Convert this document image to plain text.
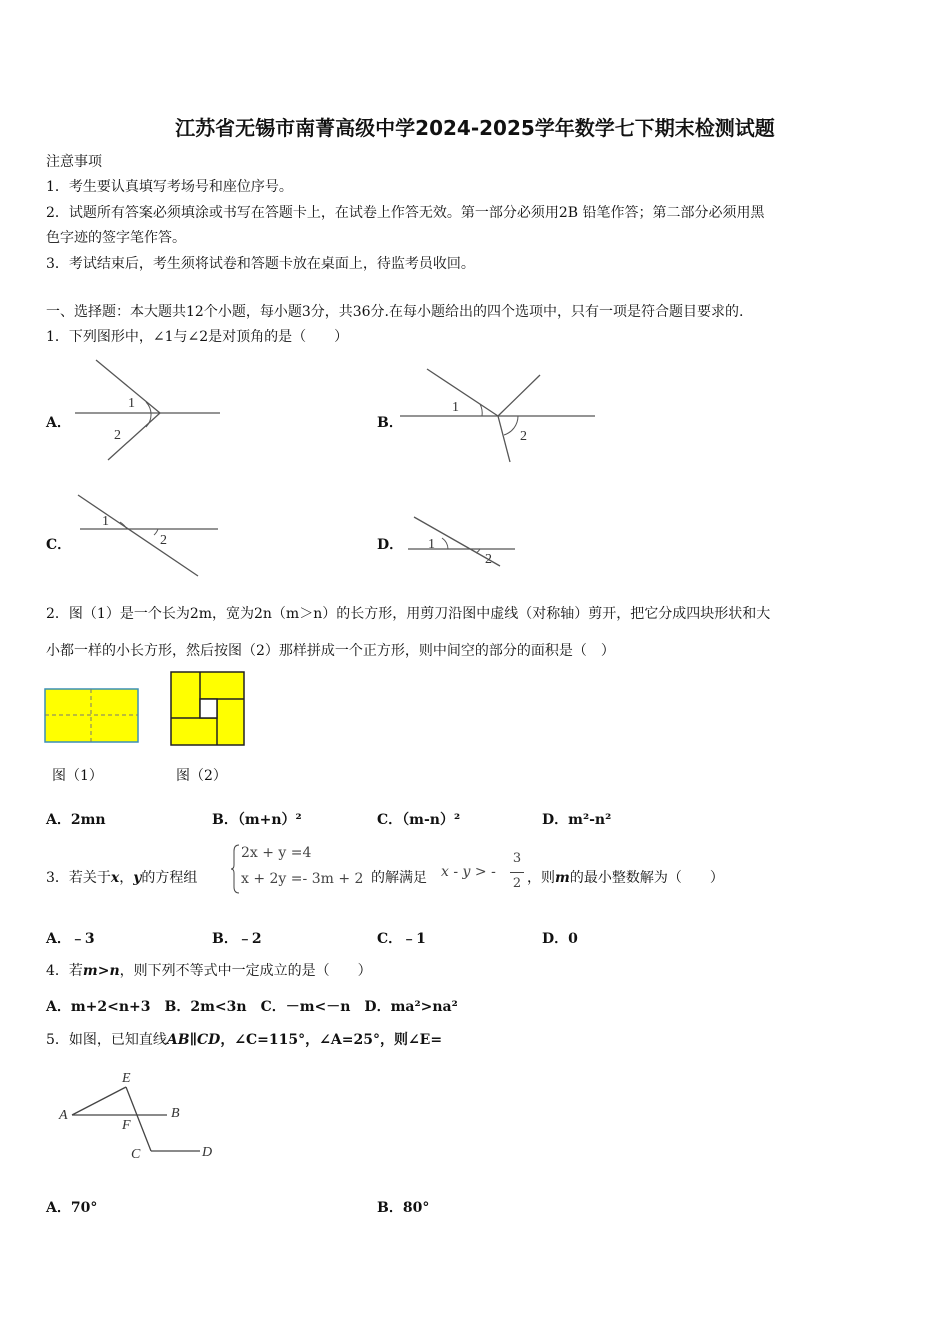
江苏省无锡市南菁高级中学2024-2025学年数学七下期末检测试题
注意事项
1．考生要认真填写考场号和座位序号。
2．试题所有答案必须填涂或书写在答题卡上，在试卷上作答无效。第一部分必须用2B 铅笔作答；第二部分必须用黑
色字迹的签字笔作答。
3．考试结束后，考生须将试卷和答题卡放在桌面上，待监考员收回。
一、选择题：本大题共12个小题，每小题3分，共36分.在每小题给出的四个选项中，只有一项是符合题目要求的.
1．下列图形中，∠1与∠2是对顶角的是（　　）
A．
1
2
B．
1
2
C．
1
2	D． 1
2
2．图（1）是一个长为2m，宽为2n（m＞n）的长方形，用剪刀沿图中虚线（对称轴）剪开，把它分成四块形状和大
小都一样的小长方形，然后按图（2）那样拼成一个正方形，则中间空的部分的面积是（　）
图（1）	图（2）
A．2mn	B．（m+n）²	C．（m-n）²	D．m²-n²
3．若关于x，y的方程组
2x + y =4
x + 2y =- 3m + 2 的解满足 x - y > -
3
2 ，则m的最小整数解为（　　）
A．﹣3	B．﹣2	C．﹣1	D．0
4．若m>n，则下列不等式中一定成立的是（　　）
A．m+2<n+3　B．2m<3n　C．－m<－n　D．ma²>na²
5．如图，已知直线AB∥CD，∠C=115°，∠A=25°，则∠E=
A	B
C	D
E
F
A．70°	B．80°
